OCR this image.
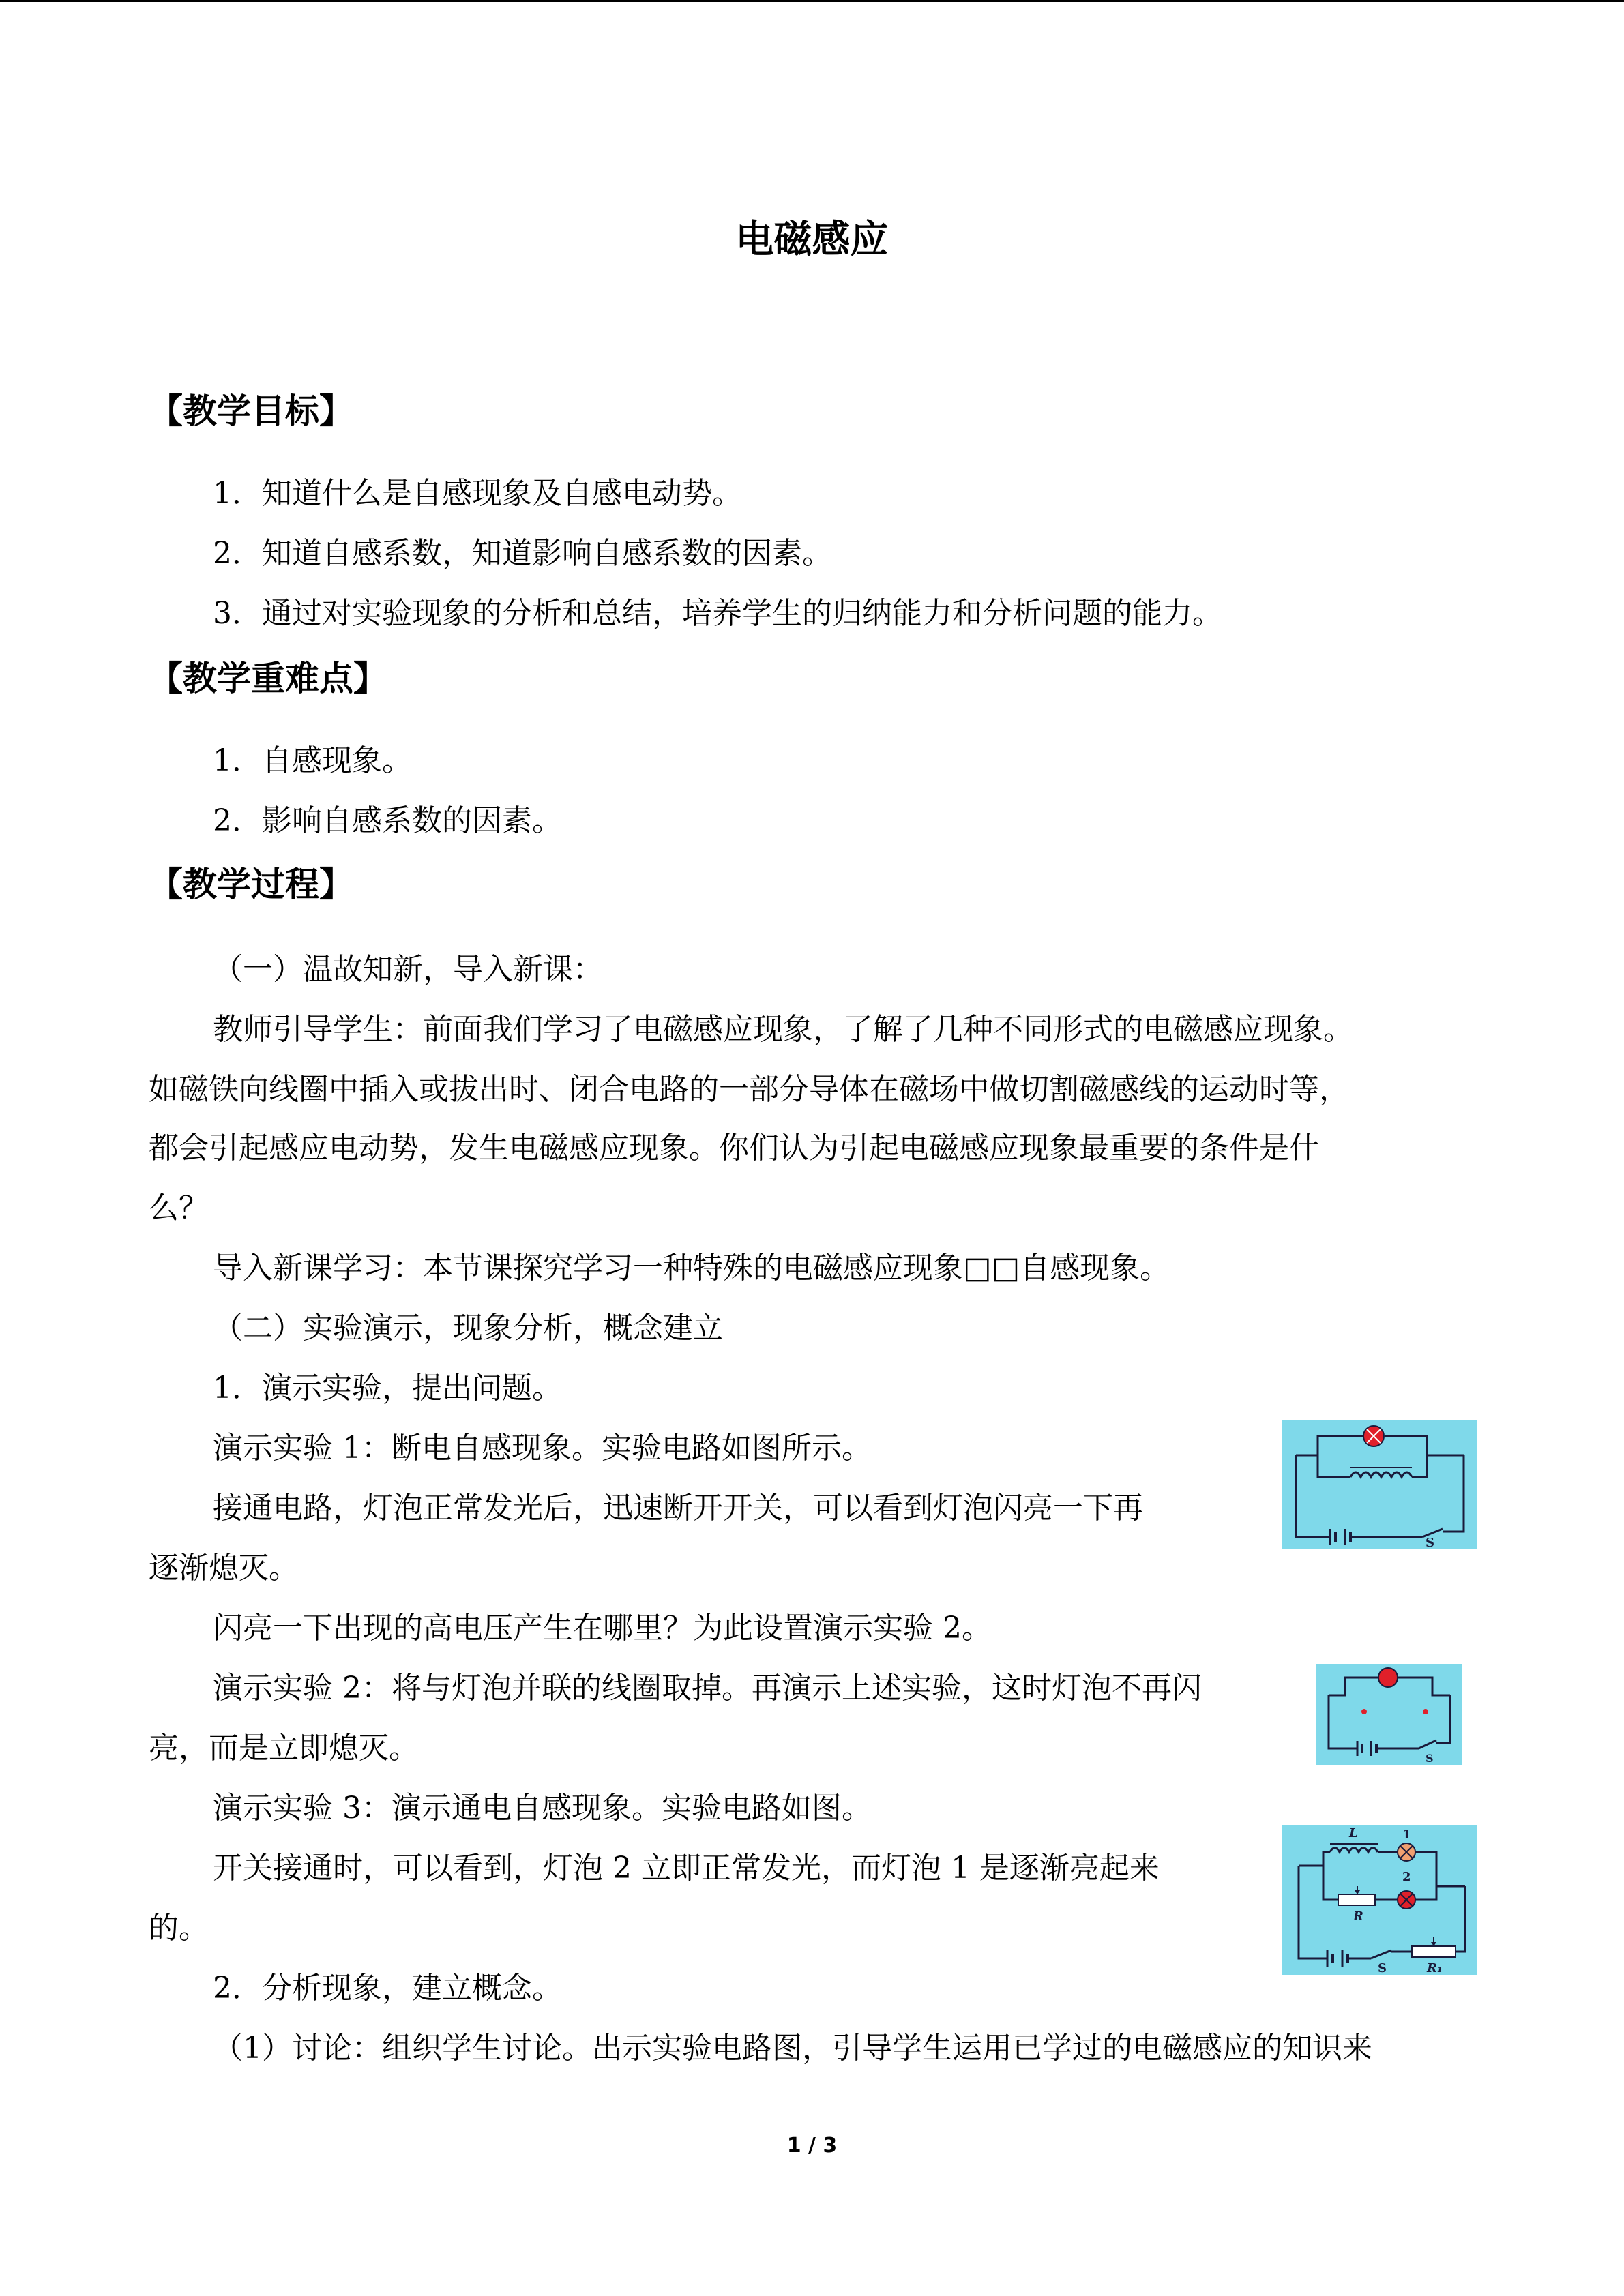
电磁感应
【教学目标】
1．知道什么是自感现象及自感电动势。
2．知道自感系数，知道影响自感系数的因素。
3．通过对实验现象的分析和总结，培养学生的归纳能力和分析问题的能力。
【教学重难点】
1．自感现象。
2．影响自感系数的因素。
【教学过程】
（一）温故知新，导入新课：
教师引导学生：前面我们学习了电磁感应现象，了解了几种不同形式的电磁感应现象。
如磁铁向线圈中插入或拔出时、闭合电路的一部分导体在磁场中做切割磁感线的运动时等，
都会引起感应电动势，发生电磁感应现象。你们认为引起电磁感应现象最重要的条件是什
么？
导入新课学习：本节课探究学习一种特殊的电磁感应现象□□自感现象。
（二）实验演示，现象分析，概念建立
1．演示实验，提出问题。
演示实验 1：断电自感现象。实验电路如图所示。
接通电路，灯泡正常发光后，迅速断开开关，可以看到灯泡闪亮一下再
逐渐熄灭。
闪亮一下出现的高电压产生在哪里？为此设置演示实验 2。
演示实验 2：将与灯泡并联的线圈取掉。再演示上述实验，这时灯泡不再闪
亮，而是立即熄灭。
演示实验 3：演示通电自感现象。实验电路如图。
开关接通时，可以看到，灯泡 2 立即正常发光，而灯泡 1 是逐渐亮起来
的。
2．分析现象，建立概念。
（1）讨论：组织学生讨论。出示实验电路图，引导学生运用已学过的电磁感应的知识来
S
S
L	1
2
R
S	R₁
1 / 3
